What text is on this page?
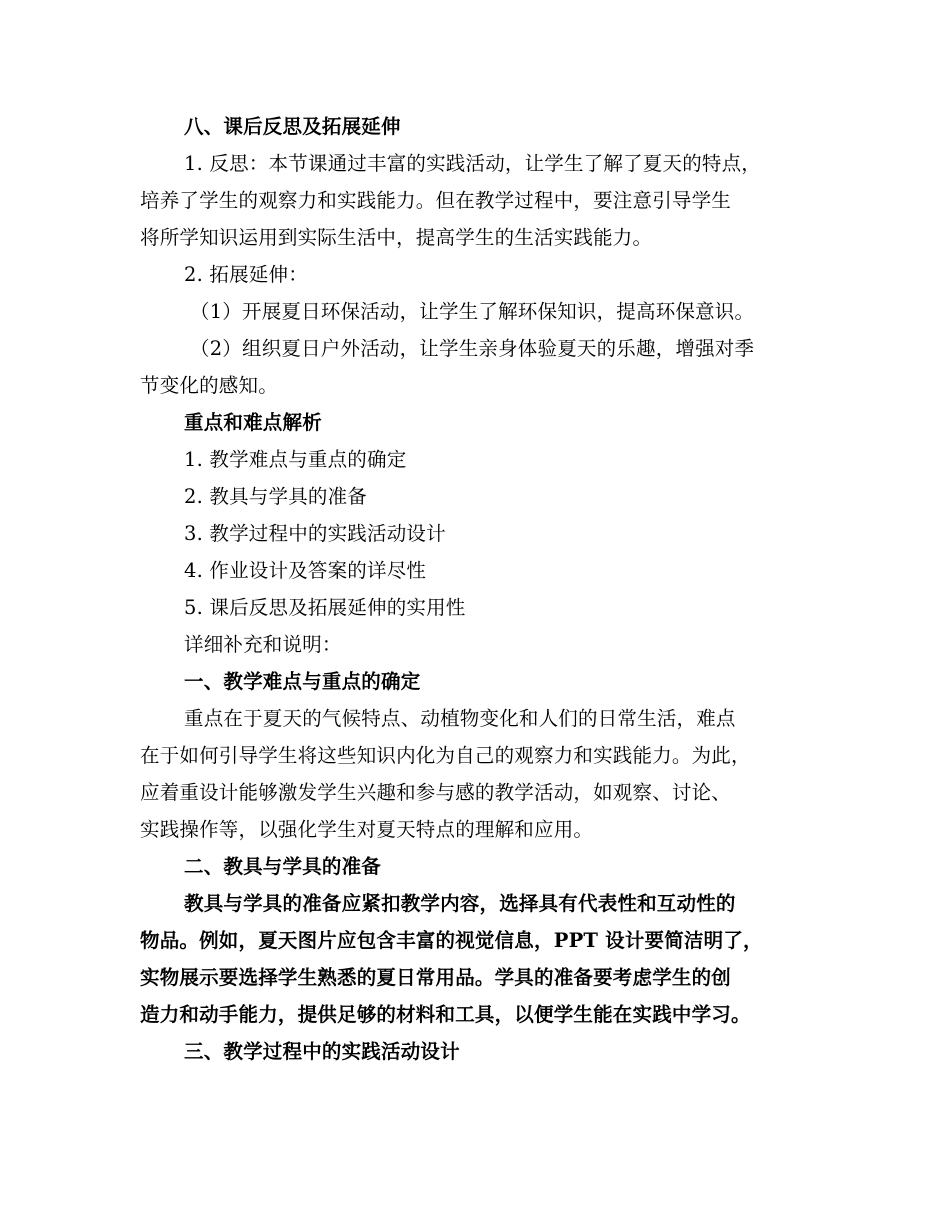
八、课后反思及拓展延伸
1. 反思：本节课通过丰富的实践活动，让学生了解了夏天的特点，
培养了学生的观察力和实践能力。但在教学过程中，要注意引导学生
将所学知识运用到实际生活中，提高学生的生活实践能力。
2. 拓展延伸：
（1）开展夏日环保活动，让学生了解环保知识，提高环保意识。
（2）组织夏日户外活动，让学生亲身体验夏天的乐趣，增强对季
节变化的感知。
重点和难点解析
1. 教学难点与重点的确定
2. 教具与学具的准备
3. 教学过程中的实践活动设计
4. 作业设计及答案的详尽性
5. 课后反思及拓展延伸的实用性
详细补充和说明：
一、教学难点与重点的确定
重点在于夏天的气候特点、动植物变化和人们的日常生活，难点
在于如何引导学生将这些知识内化为自己的观察力和实践能力。为此，
应着重设计能够激发学生兴趣和参与感的教学活动，如观察、讨论、
实践操作等，以强化学生对夏天特点的理解和应用。
二、教具与学具的准备
教具与学具的准备应紧扣教学内容，选择具有代表性和互动性的
物品。例如，夏天图片应包含丰富的视觉信息，PPT 设计要简洁明了，
实物展示要选择学生熟悉的夏日常用品。学具的准备要考虑学生的创
造力和动手能力，提供足够的材料和工具，以便学生能在实践中学习。
三、教学过程中的实践活动设计
